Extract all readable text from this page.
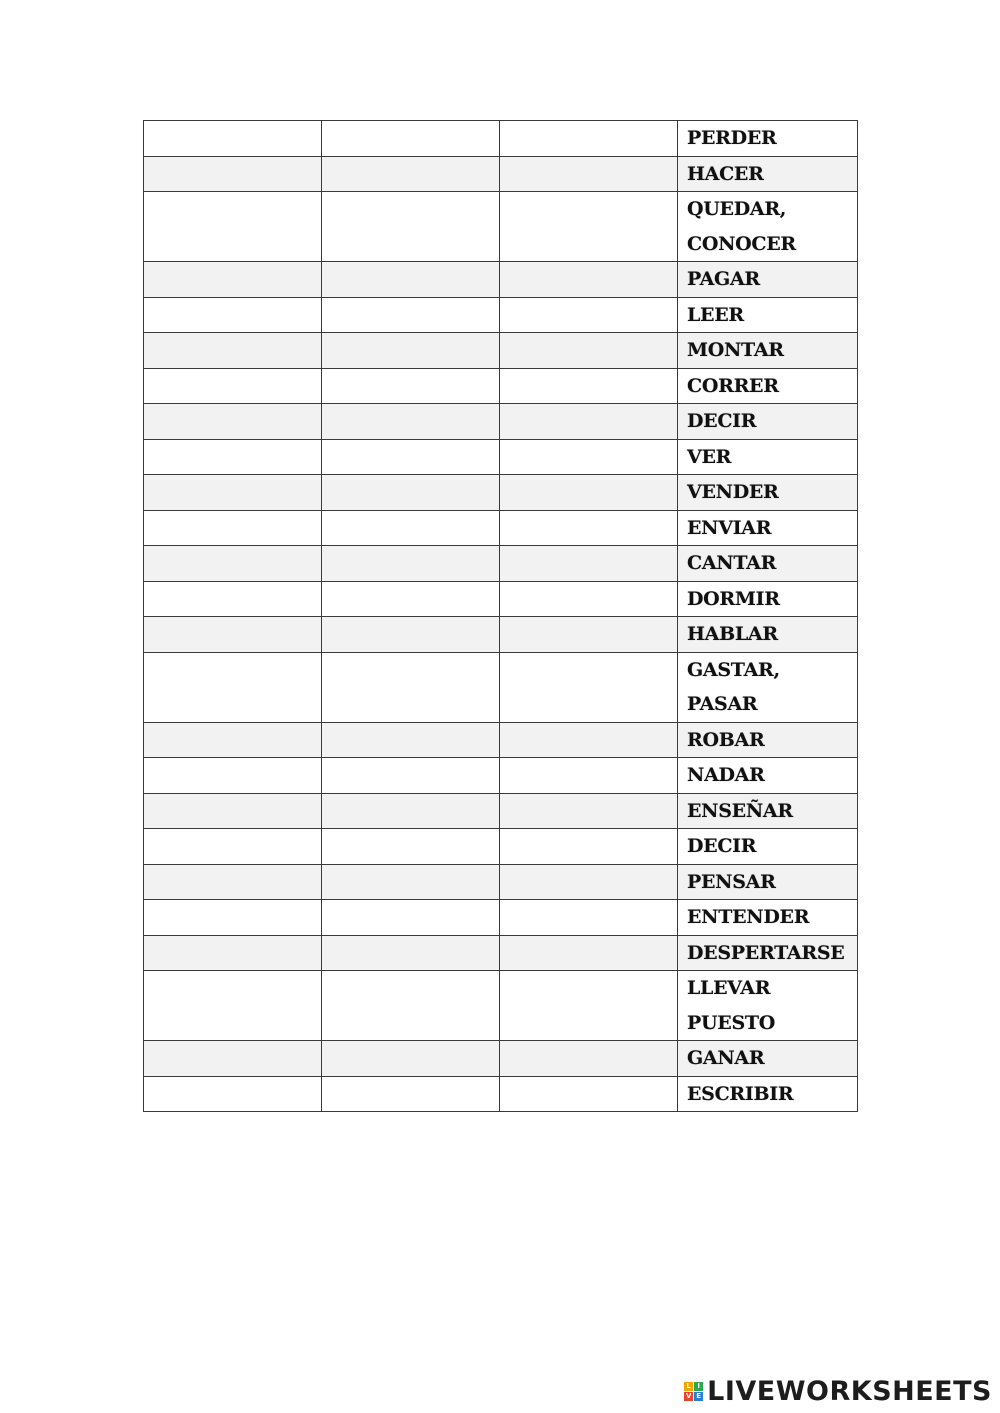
			PERDER

			HACER

			QUEDAR,
CONOCER

			PAGAR

			LEER

			MONTAR

			CORRER

			DECIR

			VER

			VENDER

			ENVIAR

			CANTAR

			DORMIR

			HABLAR

			GASTAR, PASAR

			ROBAR

			NADAR

			ENSEÑAR

			DECIR

			PENSAR

			ENTENDER

			DESPERTARSE

			LLEVAR
PUESTO

			GANAR

			ESCRIBIR
L I
V E LIVEWORKSHEETS
